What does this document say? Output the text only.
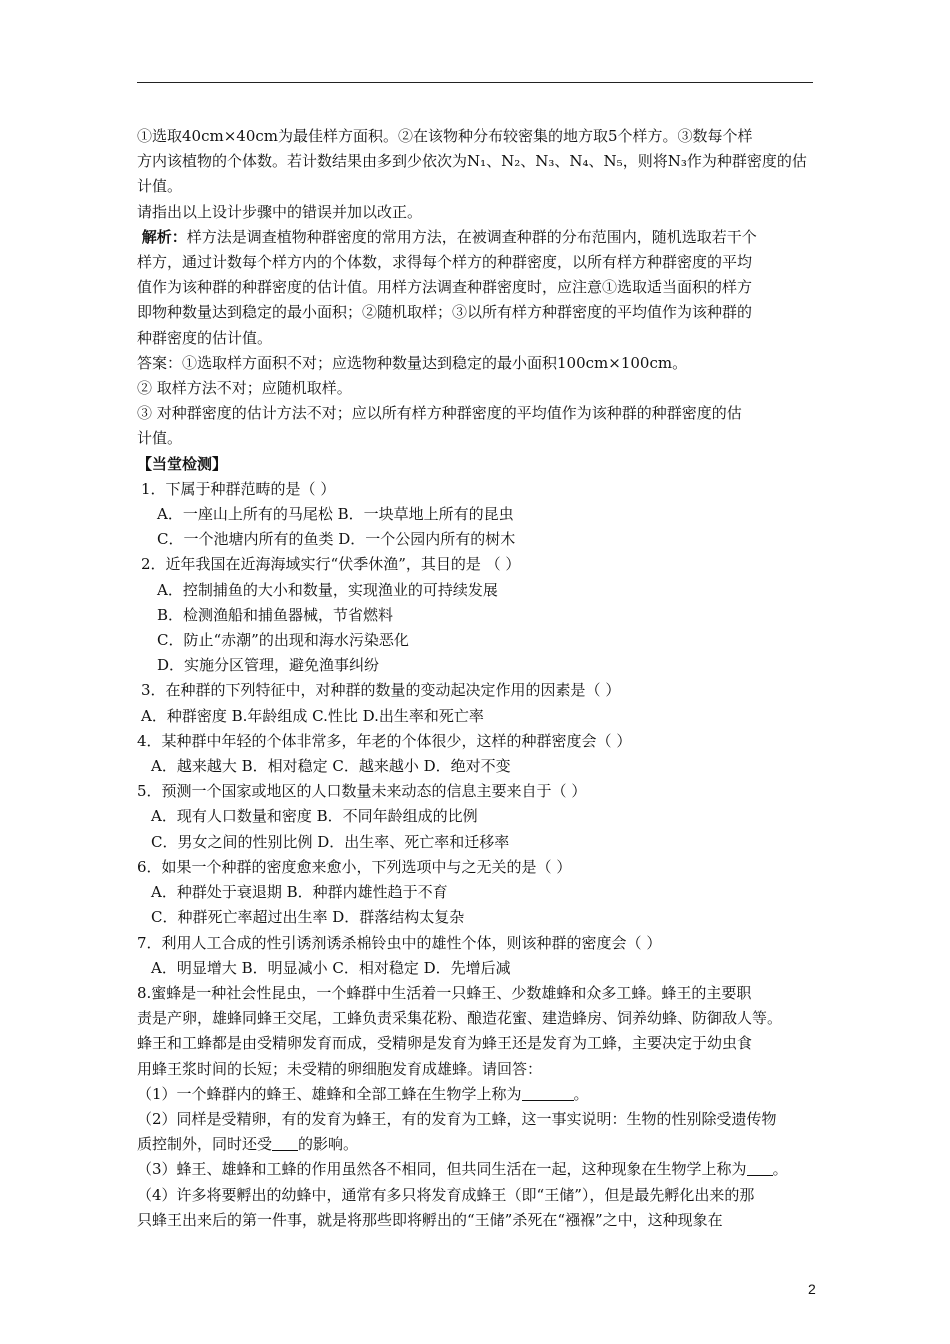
①选取40cm×40cm为最佳样方面积。②在该物种分布较密集的地方取5个样方。③数每个样
方内该植物的个体数。若计数结果由多到少依次为N₁、N₂、N₃、N₄、N₅，则将N₃作为种群密度的估
计值。
请指出以上设计步骤中的错误并加以改正。
解析：样方法是调查植物种群密度的常用方法，在被调查种群的分布范围内，随机选取若干个
样方，通过计数每个样方内的个体数，求得每个样方的种群密度，以所有样方种群密度的平均
值作为该种群的种群密度的估计值。用样方法调查种群密度时，应注意①选取适当面积的样方
即物种数量达到稳定的最小面积；②随机取样；③以所有样方种群密度的平均值作为该种群的
种群密度的估计值。
答案：①选取样方面积不对；应选物种数量达到稳定的最小面积100cm×100cm。
② 取样方法不对；应随机取样。
③ 对种群密度的估计方法不对；应以所有样方种群密度的平均值作为该种群的种群密度的估
计值。
【当堂检测】
1．下属于种群范畴的是（ ）
A．一座山上所有的马尾松 B．一块草地上所有的昆虫
C．一个池塘内所有的鱼类 D．一个公园内所有的树木
2．近年我国在近海海域实行“伏季休渔”，其目的是 （ ）
A．控制捕鱼的大小和数量，实现渔业的可持续发展
B．检测渔船和捕鱼器械，节省燃料
C．防止“赤潮”的出现和海水污染恶化
D．实施分区管理，避免渔事纠纷
3．在种群的下列特征中，对种群的数量的变动起决定作用的因素是（ ）
A．种群密度 B.年龄组成 C.性比 D.出生率和死亡率
4．某种群中年轻的个体非常多，年老的个体很少，这样的种群密度会（ ）
A．越来越大 B．相对稳定 C．越来越小 D．绝对不变
5．预测一个国家或地区的人口数量未来动态的信息主要来自于（ ）
A．现有人口数量和密度 B．不同年龄组成的比例
C．男女之间的性别比例 D．出生率、死亡率和迁移率
6．如果一个种群的密度愈来愈小，下列选项中与之无关的是（ ）
A．种群处于衰退期 B．种群内雄性趋于不育
C．种群死亡率超过出生率 D．群落结构太复杂
7．利用人工合成的性引诱剂诱杀棉铃虫中的雄性个体，则该种群的密度会（ ）
A．明显增大 B．明显减小 C．相对稳定 D．先增后减
8.蜜蜂是一种社会性昆虫，一个蜂群中生活着一只蜂王、少数雄蜂和众多工蜂。蜂王的主要职
责是产卵，雄蜂同蜂王交尾，工蜂负责采集花粉、酿造花蜜、建造蜂房、饲养幼蜂、防御敌人等。
蜂王和工蜂都是由受精卵发育而成，受精卵是发育为蜂王还是发育为工蜂，主要决定于幼虫食
用蜂王浆时间的长短；未受精的卵细胞发育成雄蜂。请回答：
（1）一个蜂群内的蜂王、雄蜂和全部工蜂在生物学上称为	。
（2）同样是受精卵，有的发育为蜂王，有的发育为工蜂，这一事实说明：生物的性别除受遗传物
质控制外，同时还受 的影响。
（3）蜂王、雄蜂和工蜂的作用虽然各不相同，但共同生活在一起，这种现象在生物学上称为 。
（4）许多将要孵出的幼蜂中，通常有多只将发育成蜂王（即“王储”），但是最先孵化出来的那
只蜂王出来后的第一件事，就是将那些即将孵出的“王储”杀死在“襁褓”之中，这种现象在
2
